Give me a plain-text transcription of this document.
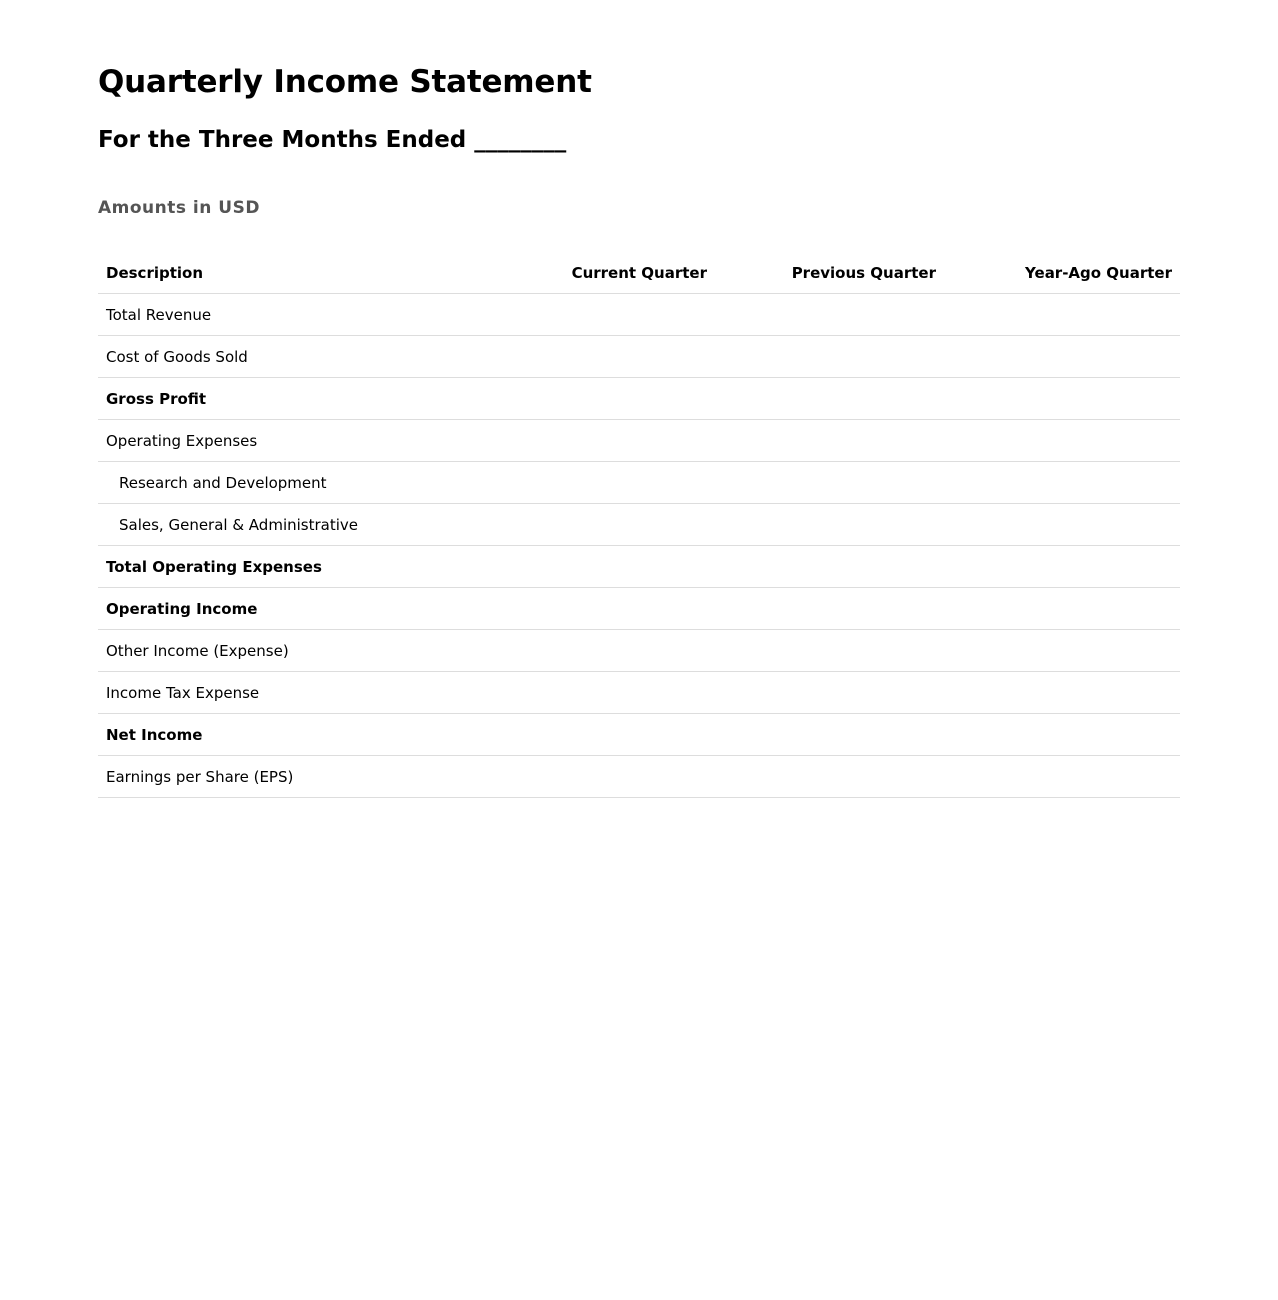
Quarterly Income Statement
For the Three Months Ended ________
Amounts in USD
Description	Current Quarter	Previous Quarter	Year-Ago Quarter
Total Revenue			
Cost of Goods Sold			
Gross Profit			
Operating Expenses			
Research and Development			
Sales, General & Administrative			
Total Operating Expenses			
Operating Income			
Other Income (Expense)			
Income Tax Expense			
Net Income			
Earnings per Share (EPS)			
